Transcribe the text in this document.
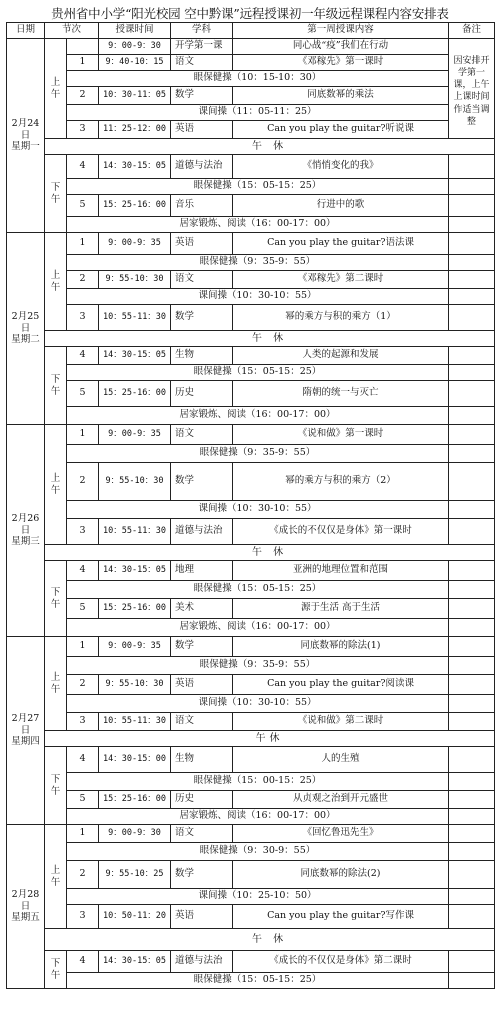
贵州省中小学“阳光校园 空中黔课”远程授课初一年级远程课程内容安排表
日期	节次		授课时间	学科	第一周授课内容	备注

2月24日
星期一	上午		9：00-9：30	开学第一课	同心战“疫”我们在行动	因安排开学第一课，上午上课时间作适当调整
		1	9：40-10：15	语文	《邓稼先》第一课时	
		眼保健操（10：15-10：30）				
		2	10：30-11：05	数学	同底数幂的乘法	
		课间操（11：05-11：25）				
		3	11：25-12：00	英语	Can you play the guitar?听说课	
	午 休					
	下午	4	14：30-15：05	道德与法治	《悄悄变化的我》	
		眼保健操（15：05-15：25）				
		5	15：25-16：00	音乐	行进中的歌	
		居家锻炼、阅读（16：00-17：00）				

2月25日
星期二	上午	1	9：00-9：35	英语	Can you play the guitar?语法课	
		眼保健操（9：35-9：55）				
		2	9：55-10：30	语文	《邓稼先》第二课时	
		课间操（10：30-10：55）				
		3	10：55-11：30	数学	幂的乘方与积的乘方（1）	
	午 休					
	下午	4	14：30-15：05	生物	人类的起源和发展	
		眼保健操（15：05-15：25）				
		5	15：25-16：00	历史	隋朝的统一与灭亡	
		居家锻炼、阅读（16：00-17：00）				

2月26日
星期三	上午	1	9：00-9：35	语文	《说和做》第一课时	
		眼保健操（9：35-9：55）				
		2	9：55-10：30	数学	幂的乘方与积的乘方（2）	
		课间操（10：30-10：55）				
		3	10：55-11：30	道德与法治	《成长的不仅仅是身体》第一课时	
	午 休					
	下午	4	14：30-15：05	地理	亚洲的地理位置和范围	
		眼保健操（15：05-15：25）				
		5	15：25-16：00	美术	源于生活 高于生活	
		居家锻炼、阅读（16：00-17：00）				

2月27日
星期四	上午	1	9：00-9：35	数学	同底数幂的除法(1)	
		眼保健操（9：35-9：55）				
		2	9：55-10：30	英语	Can you play the guitar?阅读课	
		课间操（10：30-10：55）				
		3	10：55-11：30	语文	《说和做》第二课时	
	午休					
	下午	4	14：30-15：00	生物	人的生殖	
		眼保健操（15：00-15：25）				
		5	15：25-16：00	历史	从贞观之治到开元盛世	
		居家锻炼、阅读（16：00-17：00）				

2月28日
星期五	上午	1	9：00-9：30	语文	《回忆鲁迅先生》	
		眼保健操（9：30-9：55）				
		2	9：55-10：25	数学	同底数幂的除法(2)	
		课间操（10：25-10：50）				
		3	10：50-11：20	英语	Can you play the guitar?写作课	
	午 休					
	下午	4	14：30-15：05	道德与法治	《成长的不仅仅是身体》第二课时	
		眼保健操（15：05-15：25）				
